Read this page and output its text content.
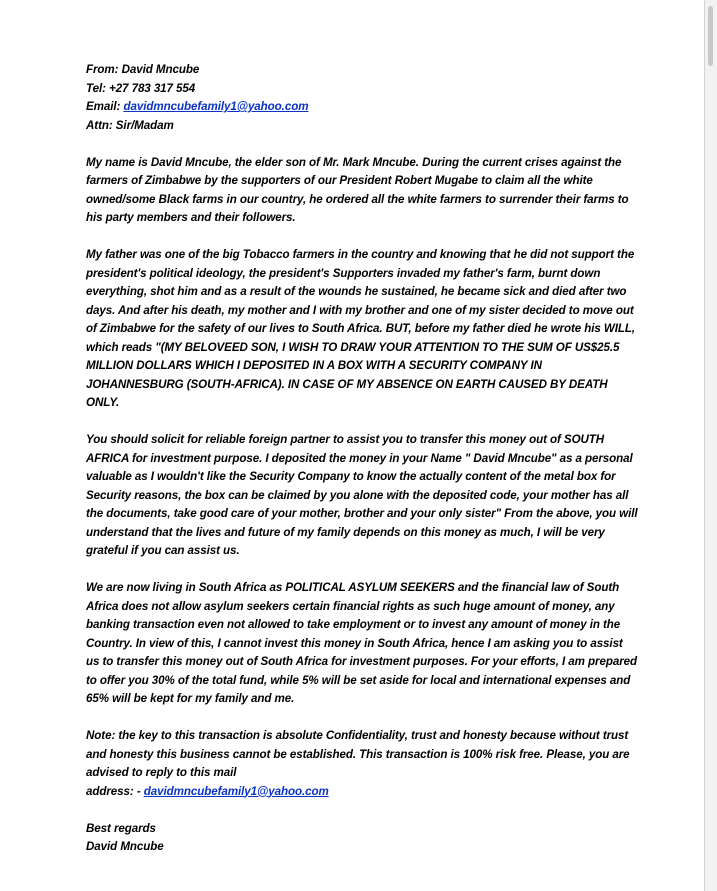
From: David Mncube
Tel: +27 783 317 554
Email: davidmncubefamily1@yahoo.com
Attn: Sir/Madam

My name is David Mncube, the elder son of Mr. Mark Mncube. During the current crises against the farmers of Zimbabwe by the supporters of our President Robert Mugabe to claim all the white owned/some Black farms in our country, he ordered all the white farmers to surrender their farms to his party members and their followers.

My father was one of the big Tobacco farmers in the country and knowing that he did not support the president's political ideology, the president's Supporters invaded my father's farm, burnt down everything, shot him and as a result of the wounds he sustained, he became sick and died after two days. And after his death, my mother and I with my brother and one of my sister decided to move out of Zimbabwe for the safety of our lives to South Africa. BUT, before my father died he wrote his WILL, which reads "(MY BELOVEED SON, I WISH TO DRAW YOUR ATTENTION TO THE SUM OF US$25.5 MILLION DOLLARS WHICH I DEPOSITED IN A BOX WITH A SECURITY COMPANY IN JOHANNESBURG (SOUTH-AFRICA). IN CASE OF MY ABSENCE ON EARTH CAUSED BY DEATH ONLY.

You should solicit for reliable foreign partner to assist you to transfer this money out of SOUTH AFRICA for investment purpose. I deposited the money in your Name " David Mncube" as a personal valuable as I wouldn't like the Security Company to know the actually content of the metal box for Security reasons, the box can be claimed by you alone with the deposited code, your mother has all the documents, take good care of your mother, brother and your only sister" From the above, you will understand that the lives and future of my family depends on this money as much, I will be very grateful if you can assist us.

We are now living in South Africa as POLITICAL ASYLUM SEEKERS and the financial law of South Africa does not allow asylum seekers certain financial rights as such huge amount of money, any banking transaction even not allowed to take employment or to invest any amount of money in the Country. In view of this, I cannot invest this money in South Africa, hence I am asking you to assist us to transfer this money out of South Africa for investment purposes. For your efforts, I am prepared to offer you 30% of the total fund, while 5% will be set aside for local and international expenses and 65% will be kept for my family and me.

Note: the key to this transaction is absolute Confidentiality, trust and honesty because without trust and honesty this business cannot be established. This transaction is 100% risk free. Please, you are advised to reply to this mail
address: - davidmncubefamily1@yahoo.com

Best regards
David Mncube
